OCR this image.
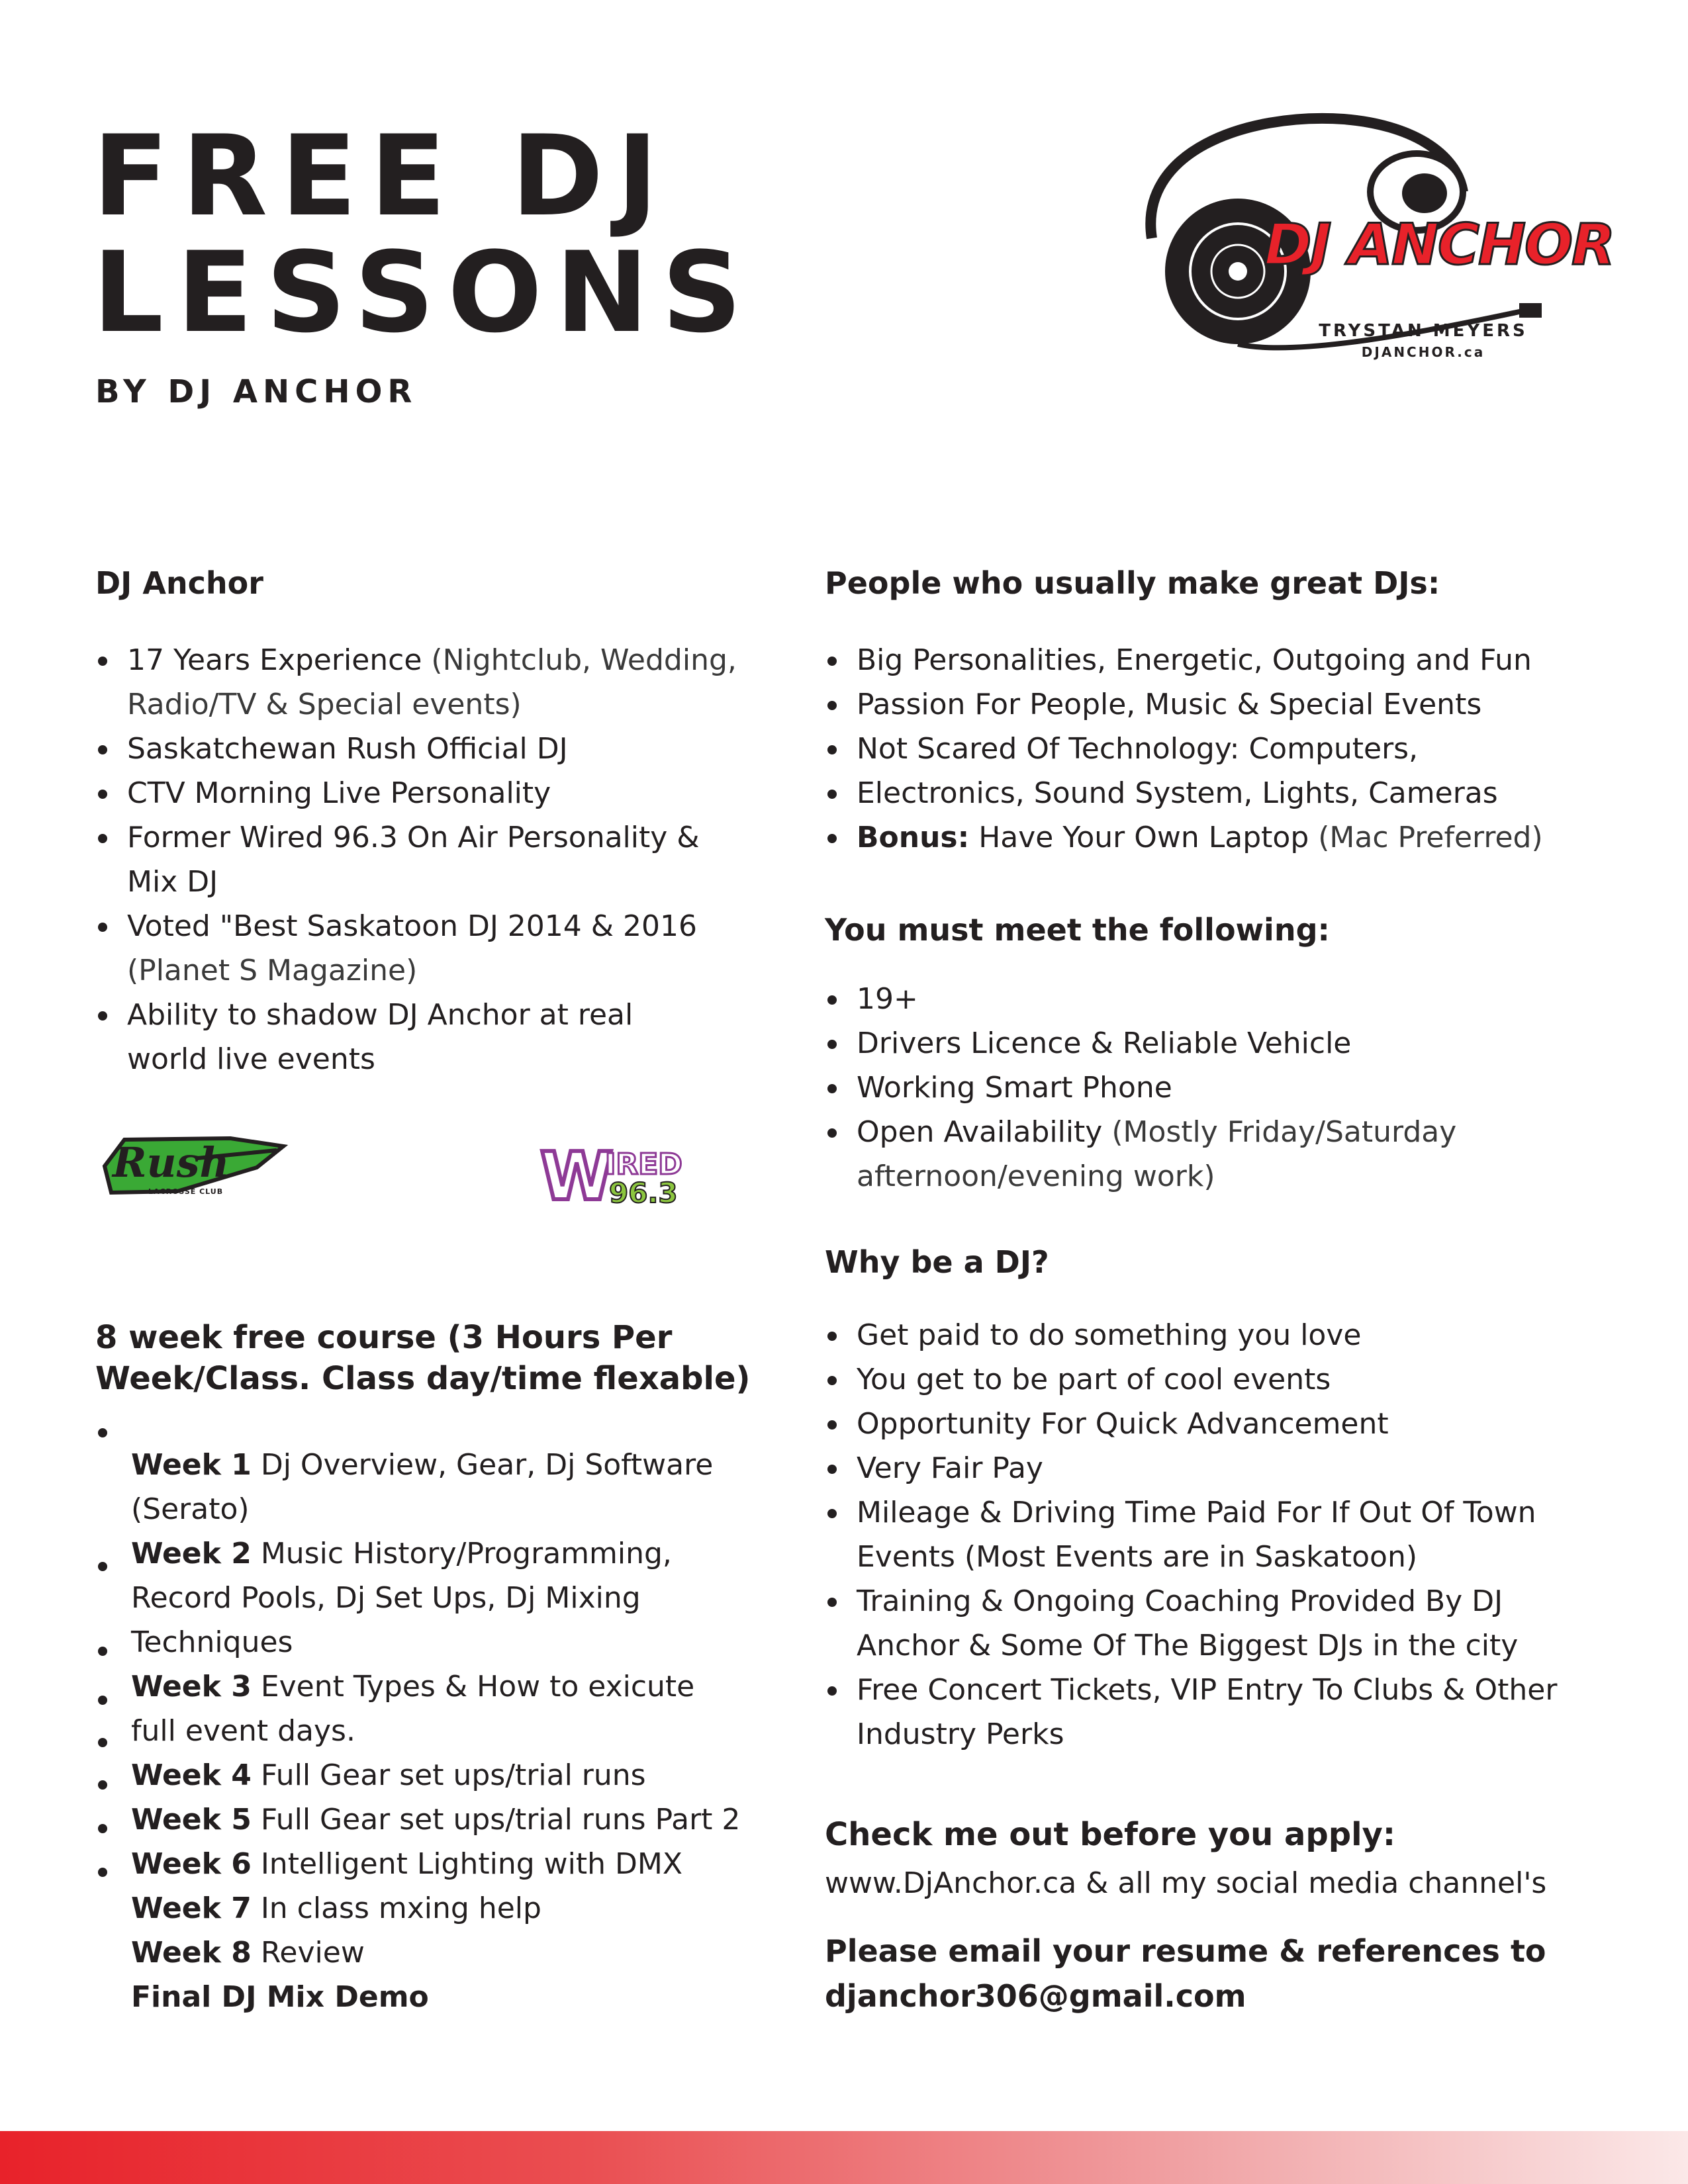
FREE DJ
LESSONS
BY DJ ANCHOR
DJ ANCHOR
TRYSTAN MEYERS
DJANCHOR.ca
DJ Anchor
17 Years Experience (Nightclub, Wedding, Radio/TV & Special events)
Saskatchewan Rush Official DJ
CTV Morning Live Personality
Former Wired 96.3 On Air Personality & Mix DJ
Voted "Best Saskatoon DJ 2014 & 2016 (Planet S Magazine)
Ability to shadow DJ Anchor at real world live events
Rush
LACROSSE CLUB	W
IRED
96.3
8 week free course (3 Hours Per
Week/Class. Class day/time flexable)
Week 1 Dj Overview, Gear, Dj Software
(Serato)
Week 2 Music History/Programming,
Record Pools, Dj Set Ups, Dj Mixing
Techniques
Week 3 Event Types & How to exicute
full event days.
Week 4 Full Gear set ups/trial runs
Week 5 Full Gear set ups/trial runs Part 2
Week 6 Intelligent Lighting with DMX
Week 7 In class mxing help
Week 8 Review
Final DJ Mix Demo
People who usually make great DJs:
Big Personalities, Energetic, Outgoing and Fun
Passion For People, Music & Special Events
Not Scared Of Technology: Computers,
Electronics, Sound System, Lights, Cameras
Bonus: Have Your Own Laptop (Mac Preferred)
You must meet the following:
19+
Drivers Licence & Reliable Vehicle
Working Smart Phone
Open Availability (Mostly Friday/Saturday afternoon/evening work)
Why be a DJ?
Get paid to do something you love
You get to be part of cool events
Opportunity For Quick Advancement
Very Fair Pay
Mileage & Driving Time Paid For If Out Of Town Events (Most Events are in Saskatoon)
Training & Ongoing Coaching Provided By DJ Anchor & Some Of The Biggest DJs in the city
Free Concert Tickets, VIP Entry To Clubs & Other Industry Perks
Check me out before you apply:
www.DjAnchor.ca & all my social media channel's
Please email your resume & references to
djanchor306@gmail.com
